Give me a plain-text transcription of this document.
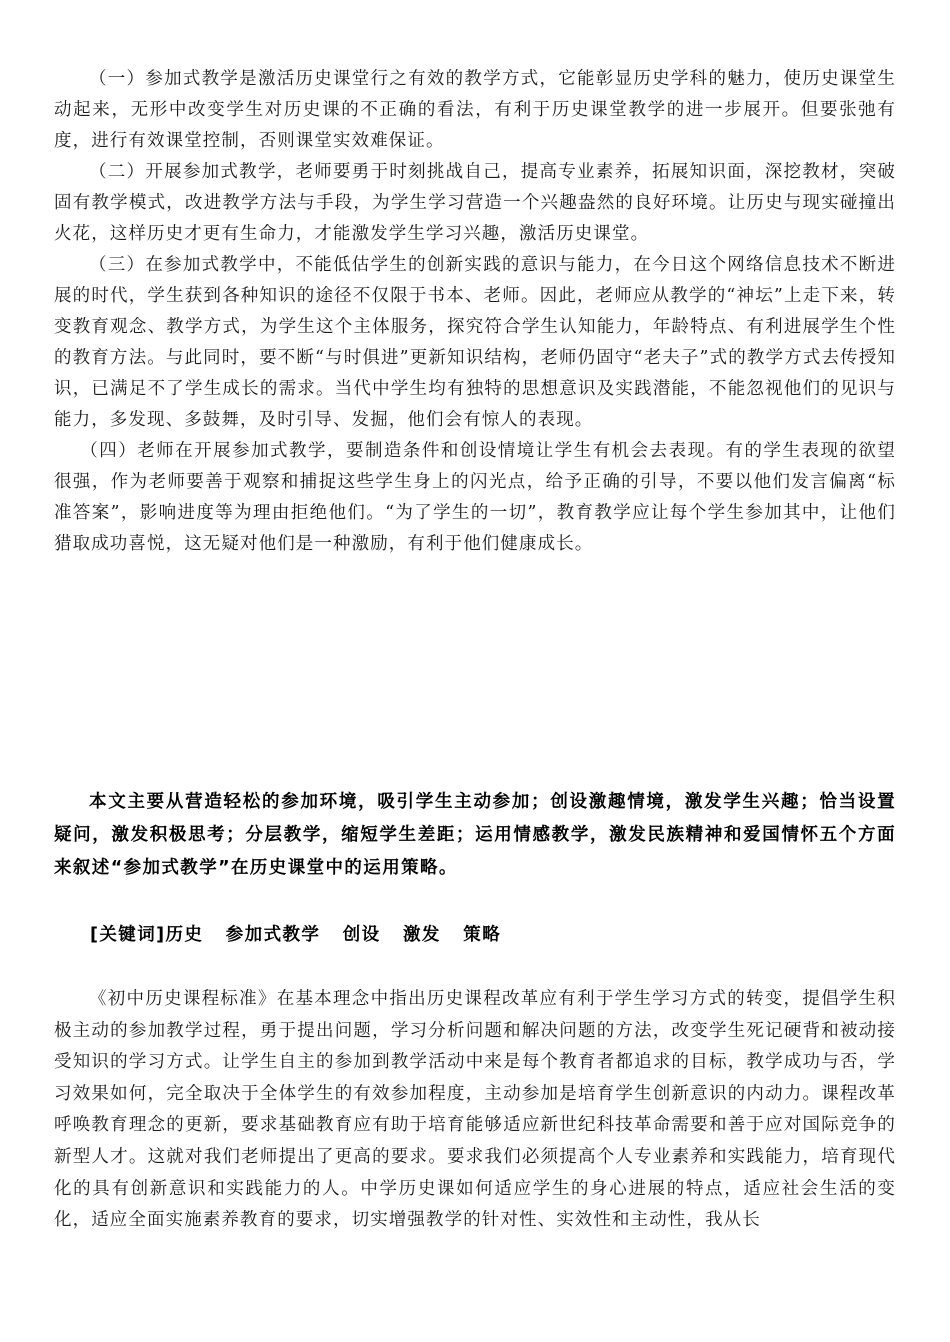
（一）参加式教学是激活历史课堂行之有效的教学方式，它能彰显历史学科的魅力，使历史课堂生动起来，无形中改变学生对历史课的不正确的看法，有利于历史课堂教学的进一步展开。但要张弛有度，进行有效课堂控制，否则课堂实效难保证。

（二）开展参加式教学，老师要勇于时刻挑战自己，提高专业素养，拓展知识面，深挖教材，突破固有教学模式，改进教学方法与手段，为学生学习营造一个兴趣盎然的良好环境。让历史与现实碰撞出火花，这样历史才更有生命力，才能激发学生学习兴趣，激活历史课堂。

（三）在参加式教学中，不能低估学生的创新实践的意识与能力，在今日这个网络信息技术不断进展的时代，学生获到各种知识的途径不仅限于书本、老师。因此，老师应从教学的“神坛”上走下来，转变教育观念、教学方式，为学生这个主体服务，探究符合学生认知能力，年龄特点、有利进展学生个性的教育方法。与此同时，要不断“与时俱进”更新知识结构，老师仍固守“老夫子”式的教学方式去传授知识，已满足不了学生成长的需求。当代中学生均有独特的思想意识及实践潜能，不能忽视他们的见识与能力，多发现、多鼓舞，及时引导、发掘，他们会有惊人的表现。

（四）老师在开展参加式教学，要制造条件和创设情境让学生有机会去表现。有的学生表现的欲望很强，作为老师要善于观察和捕捉这些学生身上的闪光点，给予正确的引导，不要以他们发言偏离“标准答案”，影响进度等为理由拒绝他们。“为了学生的一切”，教育教学应让每个学生参加其中，让他们猎取成功喜悦，这无疑对他们是一种激励，有利于他们健康成长。

本文主要从营造轻松的参加环境，吸引学生主动参加；创设激趣情境，激发学生兴趣；恰当设置疑问，激发积极思考；分层教学，缩短学生差距；运用情感教学，激发民族精神和爱国情怀五个方面来叙述“参加式教学”在历史课堂中的运用策略。

[关键词]历史   参加式教学   创设   激发   策略

《初中历史课程标准》在基本理念中指出历史课程改革应有利于学生学习方式的转变，提倡学生积极主动的参加教学过程，勇于提出问题，学习分析问题和解决问题的方法，改变学生死记硬背和被动接受知识的学习方式。让学生自主的参加到教学活动中来是每个教育者都追求的目标，教学成功与否，学习效果如何，完全取决于全体学生的有效参加程度，主动参加是培育学生创新意识的内动力。课程改革呼唤教育理念的更新，要求基础教育应有助于培育能够适应新世纪科技革命需要和善于应对国际竞争的新型人才。这就对我们老师提出了更高的要求。要求我们必须提高个人专业素养和实践能力，培育现代化的具有创新意识和实践能力的人。中学历史课如何适应学生的身心进展的特点，适应社会生活的变化，适应全面实施素养教育的要求，切实增强教学的针对性、实效性和主动性，我从长
